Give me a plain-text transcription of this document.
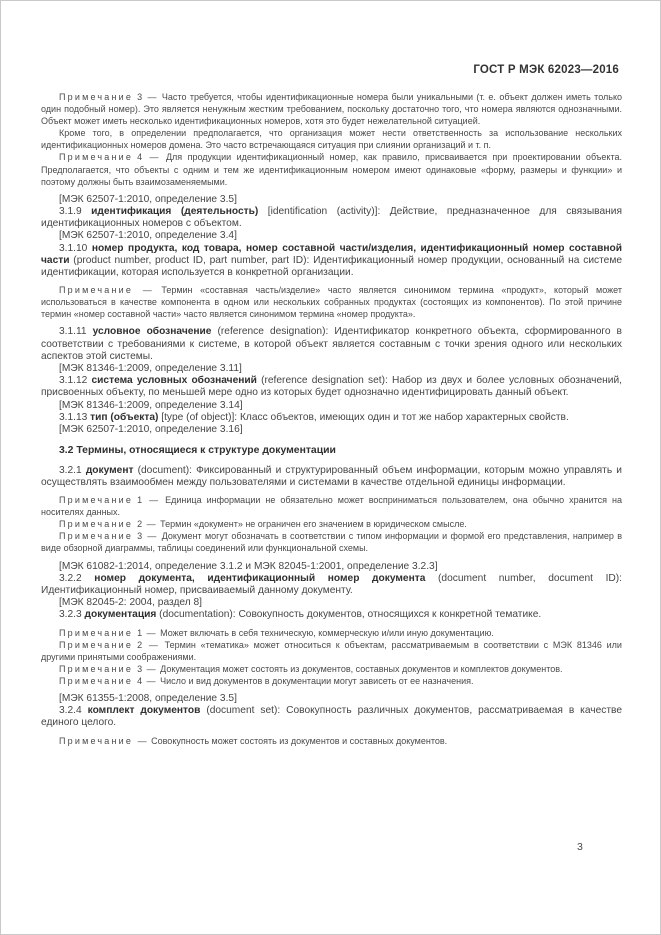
ГОСТ Р МЭК 62023—2016

Примечание 3 — Часто требуется, чтобы идентификационные номера были уникальными (т. е. объект должен иметь только один подобный номер). Это является ненужным жестким требованием, поскольку достаточно того, что номера являются однозначными. Объект может иметь несколько идентификационных номеров, хотя это будет нежелательной ситуацией.

Кроме того, в определении предполагается, что организация может нести ответственность за использование нескольких идентификационных номеров домена. Это часто встречающаяся ситуация при слиянии организаций и т. п.

Примечание 4 — Для продукции идентификационный номер, как правило, присваивается при проектировании объекта. Предполагается, что объекты с одним и тем же идентификационным номером имеют одинаковые «форму, размеры и функции» и поэтому должны быть взаимозаменяемыми.

[МЭК 62507-1:2010, определение 3.5]

3.1.9 идентификация (деятельность) [identification (activity)]: Действие, предназначенное для связывания идентификационных номеров с объектом.

[МЭК 62507-1:2010, определение 3.4]

3.1.10 номер продукта, код товара, номер составной части/изделия, идентификационный номер составной части (product number, product ID, part number, part ID): Идентификационный номер продукции, основанный на системе идентификации, которая используется в конкретной организации.

Примечание — Термин «составная часть/изделие» часто является синонимом термина «продукт», который может использоваться в качестве компонента в одном или нескольких собранных продуктах (состоящих из компонентов). По этой причине термин «номер составной части» часто является синонимом термина «номер продукта».

3.1.11 условное обозначение (reference designation): Идентификатор конкретного объекта, сформированного в соответствии с требованиями к системе, в которой объект является составным с точки зрения одного или нескольких аспектов этой системы.

[МЭК 81346-1:2009, определение 3.11]

3.1.12 система условных обозначений (reference designation set): Набор из двух и более условных обозначений, присвоенных объекту, по меньшей мере одно из которых будет однозначно идентифицировать данный объект.

[МЭК 81346-1:2009, определение 3.14]

3.1.13 тип (объекта) [type (of object)]: Класс объектов, имеющих один и тот же набор характерных свойств.

[МЭК 62507-1:2010, определение 3.16]

3.2 Термины, относящиеся к структуре документации

3.2.1 документ (document): Фиксированный и структурированный объем информации, которым можно управлять и осуществлять взаимообмен между пользователями и системами в качестве отдельной единицы информации.

Примечание 1 — Единица информации не обязательно может восприниматься пользователем, она обычно хранится на носителях данных.

Примечание 2 — Термин «документ» не ограничен его значением в юридическом смысле.

Примечание 3 — Документ могут обозначать в соответствии с типом информации и формой его представления, например в виде обзорной диаграммы, таблицы соединений или функциональной схемы.

[МЭК 61082-1:2014, определение 3.1.2 и МЭК 82045-1:2001, определение 3.2.3]

3.2.2 номер документа, идентификационный номер документа (document number, document ID): Идентификационный номер, присваиваемый данному документу.

[МЭК 82045-2: 2004, раздел 8]

3.2.3 документация (documentation): Совокупность документов, относящихся к конкретной тематике.

Примечание 1 — Может включать в себя техническую, коммерческую и/или иную документацию.

Примечание 2 — Термин «тематика» может относиться к объектам, рассматриваемым в соответствии с МЭК 81346 или другими принятыми соображениями.

Примечание 3 — Документация может состоять из документов, составных документов и комплектов документов.

Примечание 4 — Число и вид документов в документации могут зависеть от ее назначения.

[МЭК 61355-1:2008, определение 3.5]

3.2.4 комплект документов (document set): Совокупность различных документов, рассматриваемая в качестве единого целого.

Примечание — Совокупность может состоять из документов и составных документов.

3
